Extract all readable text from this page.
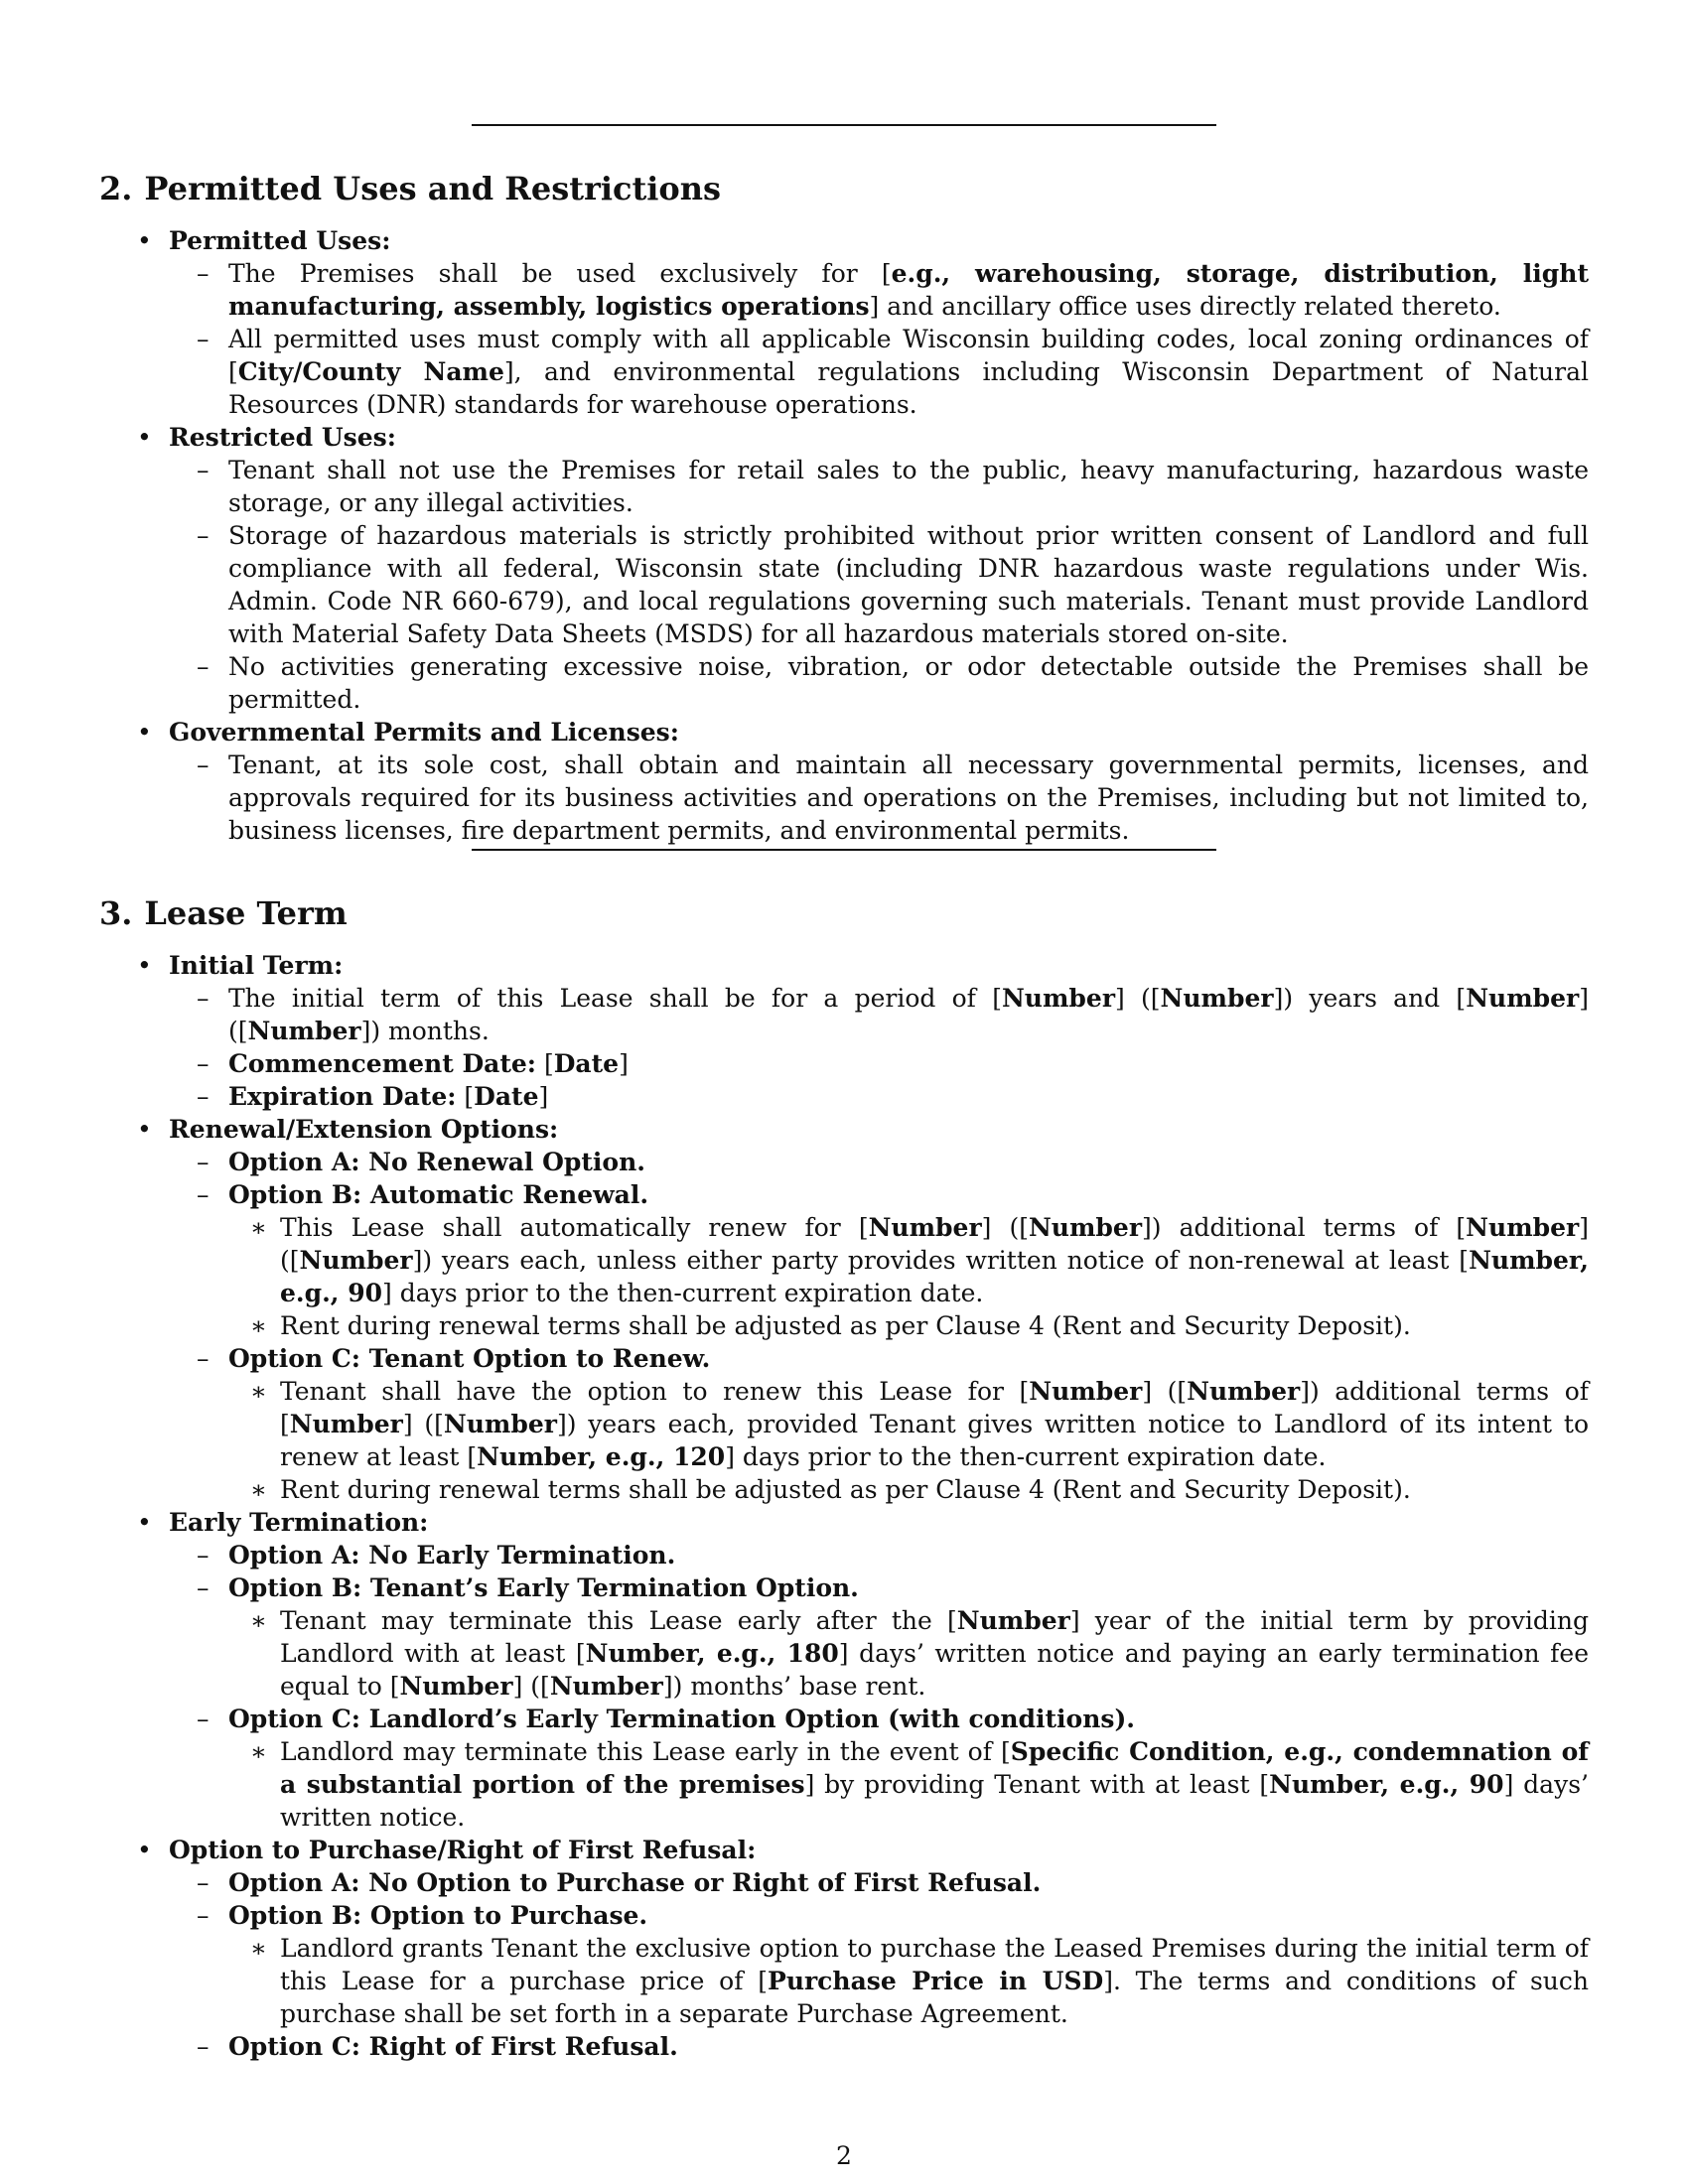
2. Permitted Uses and Restrictions
• Permitted Uses:
– The Premises shall be used exclusively for [e.g., warehousing, storage, distribution, light manufacturing, assembly, logistics operations] and ancillary office uses directly related thereto.
– All permitted uses must comply with all applicable Wisconsin building codes, local zoning ordinances of [City/County Name], and environmental regulations including Wisconsin Department of Natural Resources (DNR) standards for warehouse operations.
• Restricted Uses:
– Tenant shall not use the Premises for retail sales to the public, heavy manufacturing, hazardous waste storage, or any illegal activities.
– Storage of hazardous materials is strictly prohibited without prior written consent of Landlord and full compliance with all federal, Wisconsin state (including DNR hazardous waste regulations under Wis. Admin. Code NR 660-679), and local regulations governing such materials. Tenant must provide Landlord with Material Safety Data Sheets (MSDS) for all hazardous materials stored on-site.
– No activities generating excessive noise, vibration, or odor detectable outside the Premises shall be permitted.
• Governmental Permits and Licenses:
– Tenant, at its sole cost, shall obtain and maintain all necessary governmental permits, licenses, and approvals required for its business activities and operations on the Premises, including but not limited to, business licenses, fire department permits, and environmental permits.
3. Lease Term
• Initial Term:
– The initial term of this Lease shall be for a period of [Number] ([Number]) years and [Number] ([Number]) months.
– Commencement Date: [Date]
– Expiration Date: [Date]
• Renewal/Extension Options:
– Option A: No Renewal Option.
– Option B: Automatic Renewal.
∗ This Lease shall automatically renew for [Number] ([Number]) additional terms of [Number] ([Number]) years each, unless either party provides written notice of non-renewal at least [Number, e.g., 90] days prior to the then-current expiration date.
∗ Rent during renewal terms shall be adjusted as per Clause 4 (Rent and Security Deposit).
– Option C: Tenant Option to Renew.
∗ Tenant shall have the option to renew this Lease for [Number] ([Number]) additional terms of [Number] ([Number]) years each, provided Tenant gives written notice to Landlord of its intent to renew at least [Number, e.g., 120] days prior to the then-current expiration date.
∗ Rent during renewal terms shall be adjusted as per Clause 4 (Rent and Security Deposit).
• Early Termination:
– Option A: No Early Termination.
– Option B: Tenant’s Early Termination Option.
∗ Tenant may terminate this Lease early after the [Number] year of the initial term by providing Landlord with at least [Number, e.g., 180] days’ written notice and paying an early termination fee equal to [Number] ([Number]) months’ base rent.
– Option C: Landlord’s Early Termination Option (with conditions).
∗ Landlord may terminate this Lease early in the event of [Specific Condition, e.g., condemnation of a substantial portion of the premises] by providing Tenant with at least [Number, e.g., 90] days’ written notice.
• Option to Purchase/Right of First Refusal:
– Option A: No Option to Purchase or Right of First Refusal.
– Option B: Option to Purchase.
∗ Landlord grants Tenant the exclusive option to purchase the Leased Premises during the initial term of this Lease for a purchase price of [Purchase Price in USD]. The terms and conditions of such purchase shall be set forth in a separate Purchase Agreement.
– Option C: Right of First Refusal.
2
